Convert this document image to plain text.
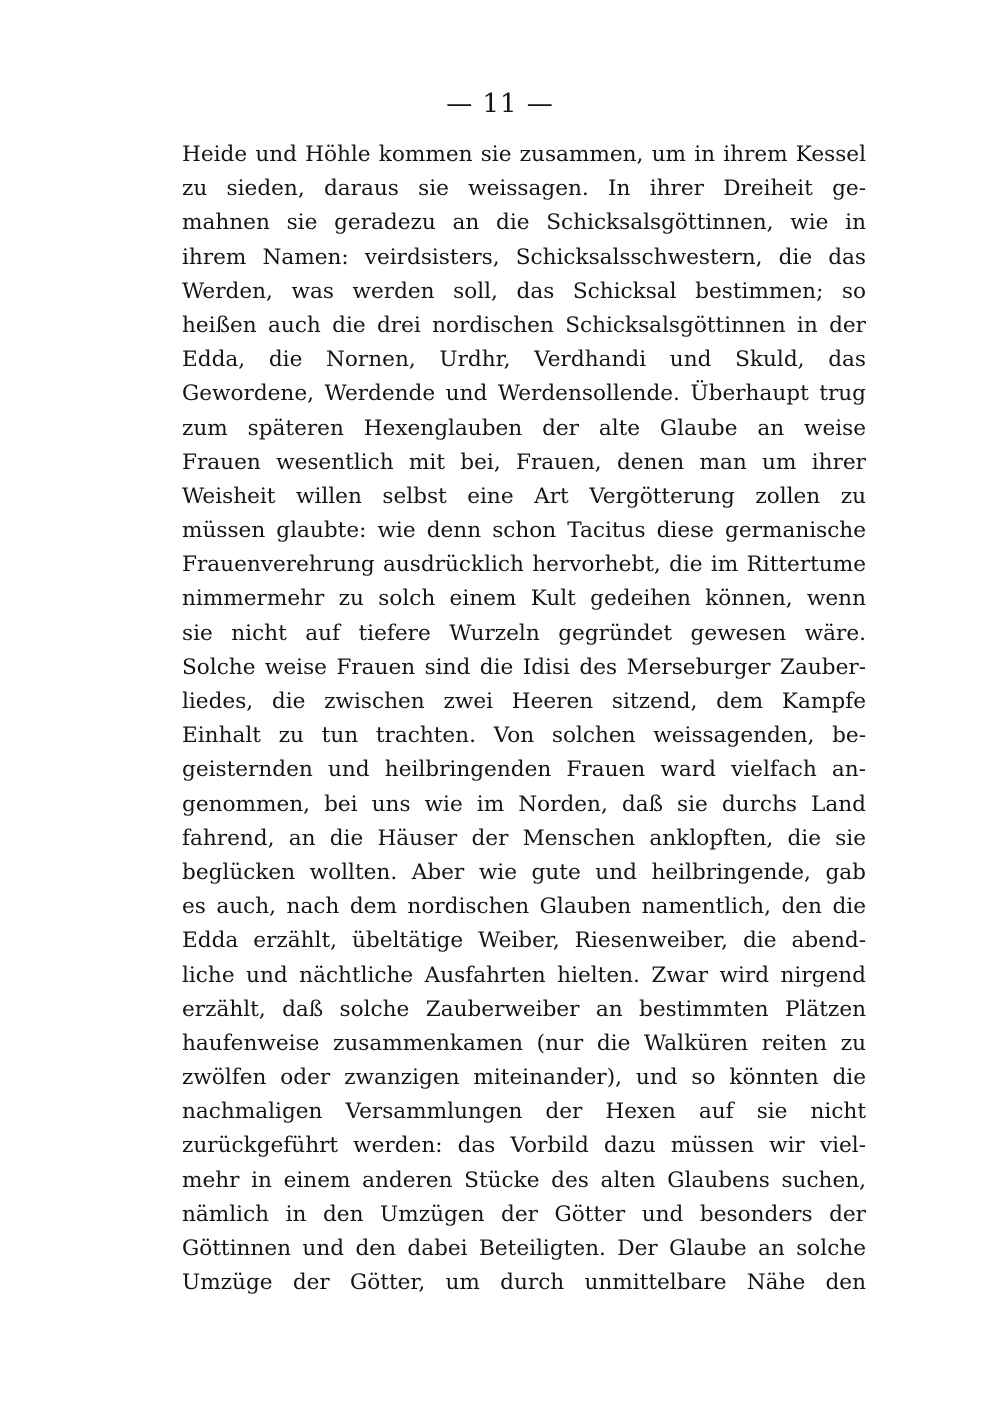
— 11 —
Heide und Höhle kommen sie zusammen, um in ihrem Kessel
zu sieden, daraus sie weissagen. In ihrer Dreiheit ge-
mahnen sie geradezu an die Schicksalsgöttinnen, wie in
ihrem Namen: veirdsisters, Schicksalsschwestern, die das
Werden, was werden soll, das Schicksal bestimmen; so
heißen auch die drei nordischen Schicksalsgöttinnen in der
Edda, die Nornen, Urdhr, Verdhandi und Skuld, das
Gewordene, Werdende und Werdensollende. Überhaupt trug
zum späteren Hexenglauben der alte Glaube an weise
Frauen wesentlich mit bei, Frauen, denen man um ihrer
Weisheit willen selbst eine Art Vergötterung zollen zu
müssen glaubte: wie denn schon Tacitus diese germanische
Frauenverehrung ausdrücklich hervorhebt, die im Rittertume
nimmermehr zu solch einem Kult gedeihen können, wenn
sie nicht auf tiefere Wurzeln gegründet gewesen wäre.
Solche weise Frauen sind die Idisi des Merseburger Zauber-
liedes, die zwischen zwei Heeren sitzend, dem Kampfe
Einhalt zu tun trachten. Von solchen weissagenden, be-
geisternden und heilbringenden Frauen ward vielfach an-
genommen, bei uns wie im Norden, daß sie durchs Land
fahrend, an die Häuser der Menschen anklopften, die sie
beglücken wollten. Aber wie gute und heilbringende, gab
es auch, nach dem nordischen Glauben namentlich, den die
Edda erzählt, übeltätige Weiber, Riesenweiber, die abend-
liche und nächtliche Ausfahrten hielten. Zwar wird nirgend
erzählt, daß solche Zauberweiber an bestimmten Plätzen
haufenweise zusammenkamen (nur die Walküren reiten zu
zwölfen oder zwanzigen miteinander), und so könnten die
nachmaligen Versammlungen der Hexen auf sie nicht
zurückgeführt werden: das Vorbild dazu müssen wir viel-
mehr in einem anderen Stücke des alten Glaubens suchen,
nämlich in den Umzügen der Götter und besonders der
Göttinnen und den dabei Beteiligten. Der Glaube an solche
Umzüge der Götter, um durch unmittelbare Nähe den
